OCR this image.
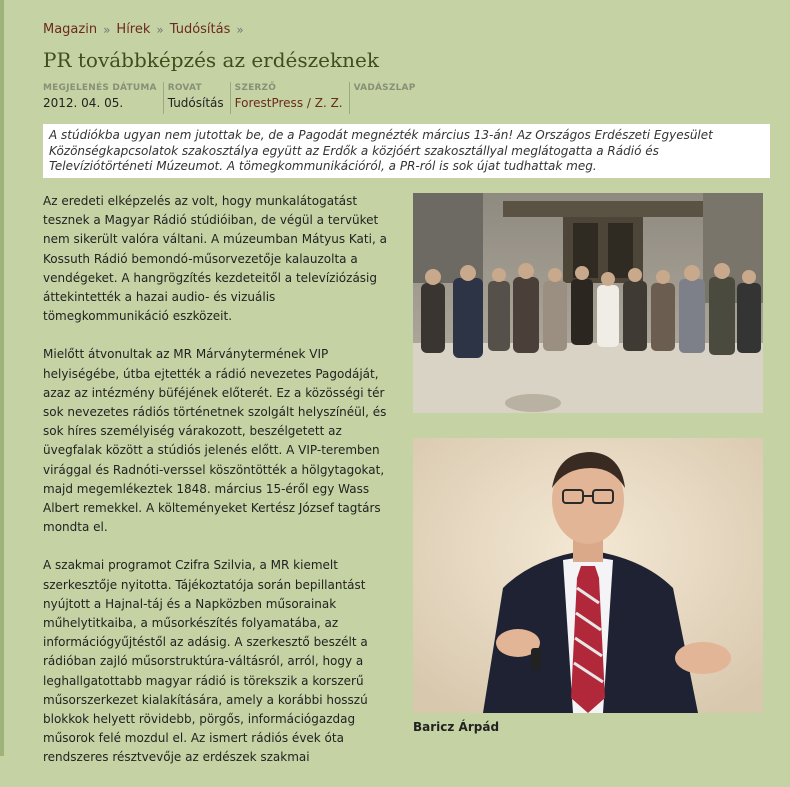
Magazin » Hírek » Tudósítás »
PR továbbképzés az erdészeknek
MEGJELENÉS DÁTUMA
2012. 04. 05.
ROVAT
Tudósítás
SZERZŐ
ForestPress / Z. Z.
VADÁSZLAP
A stúdiókba ugyan nem jutottak be, de a Pagodát megnézték március 13-án! Az Országos Erdészeti Egyesület Közönségkapcsolatok szakosztálya együtt az Erdők a közjóért szakosztállyal meglátogatta a Rádió és Televíziótörténeti Múzeumot. A tömegkommunikációról, a PR-ról is sok újat tudhattak meg.

Az eredeti elképzelés az volt, hogy munkalátogatást tesznek a Magyar Rádió stúdióiban, de végül a tervüket nem sikerült valóra váltani. A múzeumban Mátyus Kati, a Kossuth Rádió bemondó-műsorvezetője kalauzolta a vendégeket. A hangrögzítés kezdeteitől a televíziózásig áttekintették a hazai audio- és vizuális tömegkommunikáció eszközeit.

Mielőtt átvonultak az MR Márványtermének VIP helyiségébe, útba ejtették a rádió nevezetes Pagodáját, azaz az intézmény büféjének előterét. Ez a közösségi tér sok nevezetes rádiós történetnek szolgált helyszínéül, és sok híres személyiség várakozott, beszélgetett az üvegfalak között a stúdiós jelenés előtt. A VIP-teremben virággal és Radnóti-verssel köszöntötték a hölgytagokat, majd megemlékeztek 1848. március 15-éről egy Wass Albert remekkel. A költeményeket Kertész József tagtárs mondta el.

A szakmai programot Czifra Szilvia, a MR kiemelt szerkesztője nyitotta. Tájékoztatója során bepillantást nyújtott a Hajnal-táj és a Napközben műsorainak műhelytitkaiba, a műsorkészítés folyamatába, az információgyűjtéstől az adásig. A szerkesztő beszélt a rádióban zajló műsorstruktúra-váltásról, arról, hogy a leghallgatottabb magyar rádió is törekszik a korszerű műsorszerkezet kialakítására, amely a korábbi hosszú blokkok helyett rövidebb, pörgős, információgazdag műsorok felé mozdul el. Az ismert rádiós évek óta rendszeres résztvevője az erdészek szakmai

Baricz Árpád
